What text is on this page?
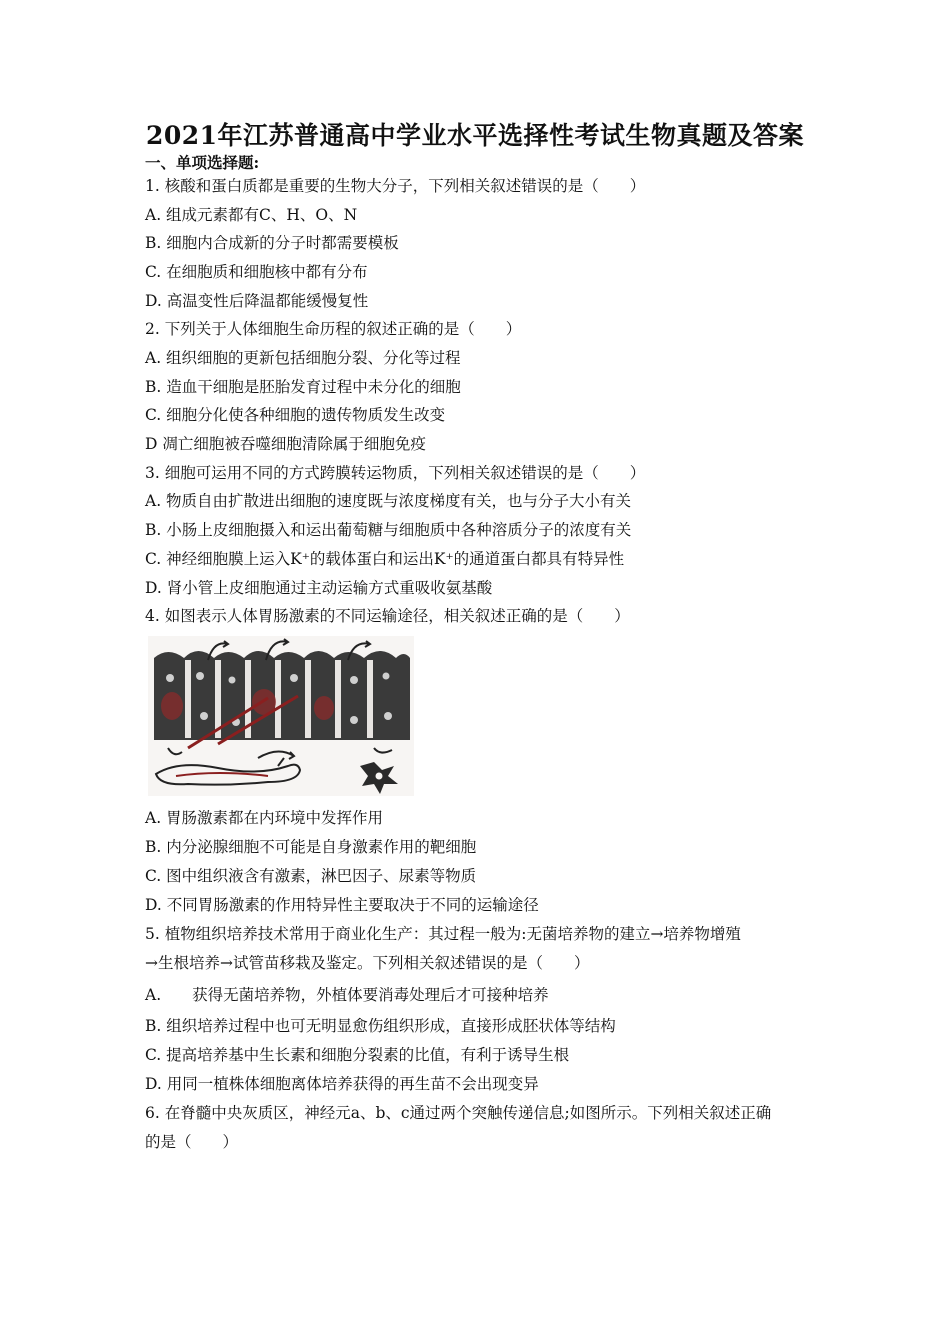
2021年江苏普通高中学业水平选择性考试生物真题及答案
一、单项选择题:
1. 核酸和蛋白质都是重要的生物大分子，下列相关叙述错误的是（　　）
A. 组成元素都有C、H、O、N
B. 细胞内合成新的分子时都需要模板
C. 在细胞质和细胞核中都有分布
D. 高温变性后降温都能缓慢复性
2. 下列关于人体细胞生命历程的叙述正确的是（　　）
A. 组织细胞的更新包括细胞分裂、分化等过程
B. 造血干细胞是胚胎发育过程中未分化的细胞
C. 细胞分化使各种细胞的遗传物质发生改变
D 凋亡细胞被吞噬细胞清除属于细胞免疫
3. 细胞可运用不同的方式跨膜转运物质，下列相关叙述错误的是（　　）
A. 物质自由扩散进出细胞的速度既与浓度梯度有关，也与分子大小有关
B. 小肠上皮细胞摄入和运出葡萄糖与细胞质中各种溶质分子的浓度有关
C. 神经细胞膜上运入K⁺的载体蛋白和运出K⁺的通道蛋白都具有特异性
D. 肾小管上皮细胞通过主动运输方式重吸收氨基酸
4. 如图表示人体胃肠激素的不同运输途径，相关叙述正确的是（　　）
A. 胃肠激素都在内环境中发挥作用
B. 内分泌腺细胞不可能是自身激素作用的靶细胞
C. 图中组织液含有激素，淋巴因子、尿素等物质
D. 不同胃肠激素的作用特异性主要取决于不同的运输途径
5. 植物组织培养技术常用于商业化生产：其过程一般为:无菌培养物的建立→培养物增殖
→生根培养→试管苗移栽及鉴定。下列相关叙述错误的是（　　）
A.　　获得无菌培养物，外植体要消毒处理后才可接种培养
B. 组织培养过程中也可无明显愈伤组织形成，直接形成胚状体等结构
C. 提高培养基中生长素和细胞分裂素的比值，有利于诱导生根
D. 用同一植株体细胞离体培养获得的再生苗不会出现变异
6. 在脊髓中央灰质区，神经元a、b、c通过两个突触传递信息;如图所示。下列相关叙述正确
的是（　　）
